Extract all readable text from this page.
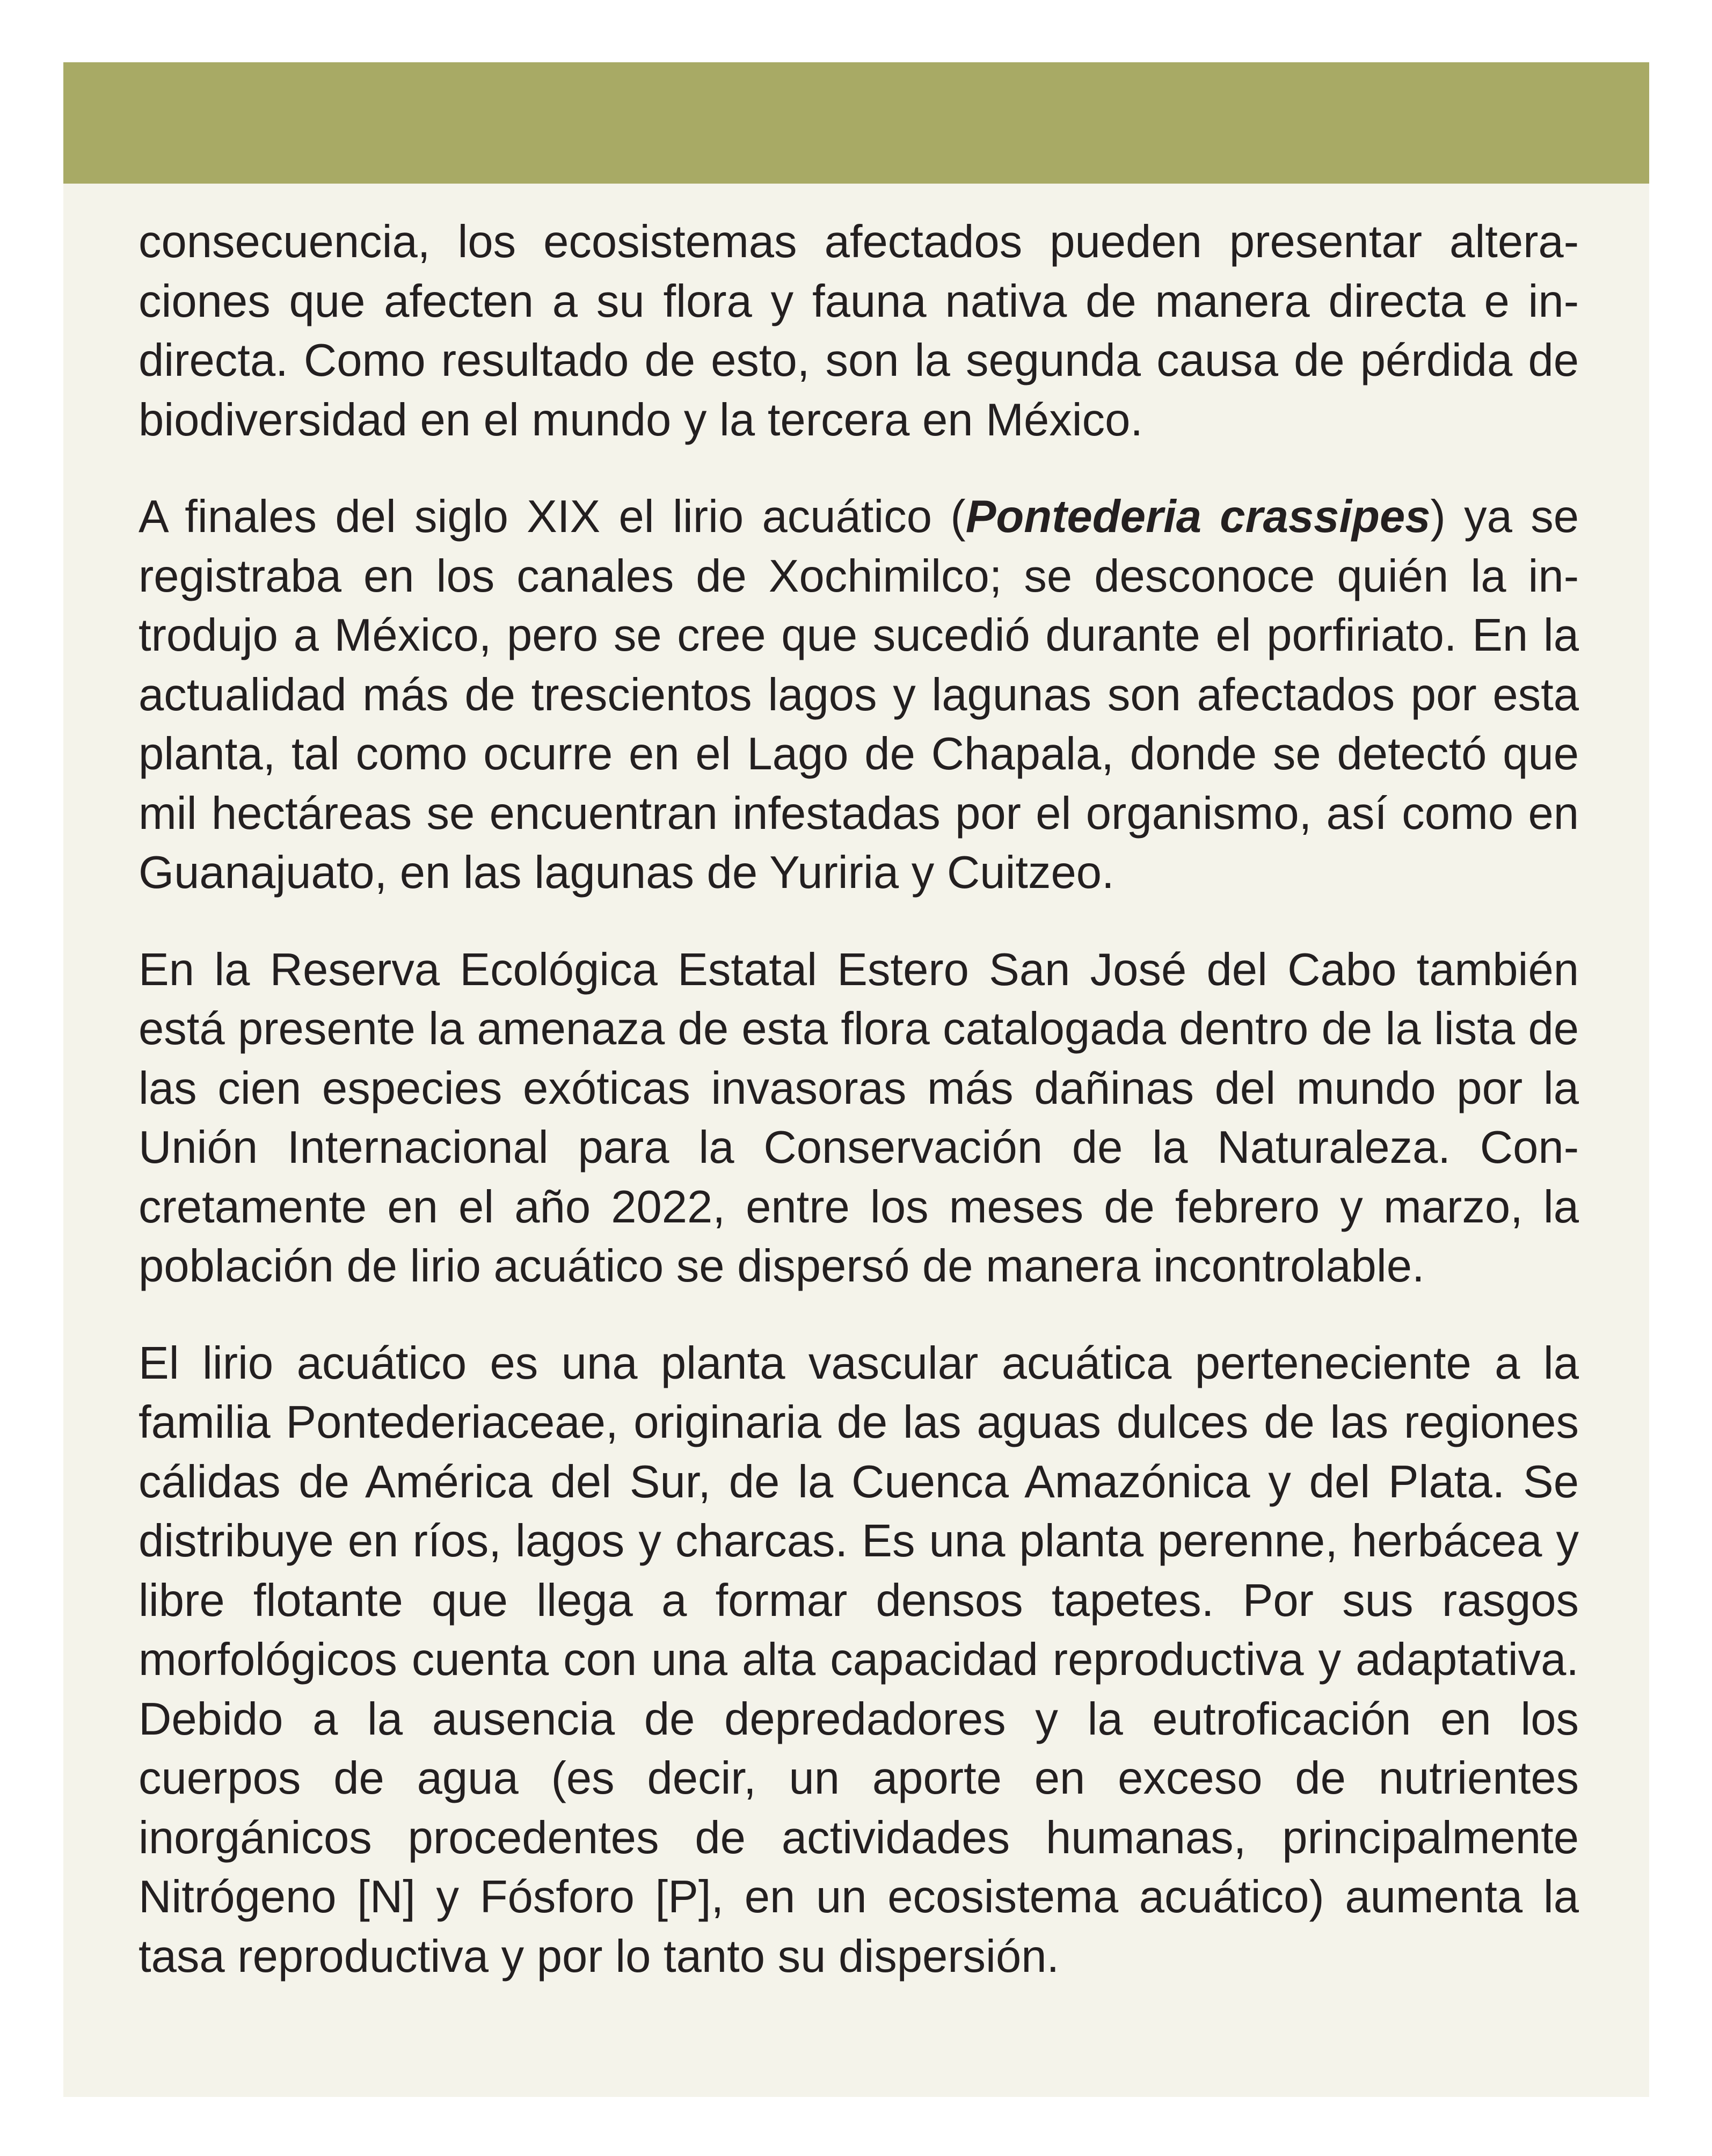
consecuencia, los ecosistemas afectados pueden presentar alteraciones que afecten a su flora y fauna nativa de manera directa e indirecta. Como resultado de esto, son la segunda causa de pérdida de biodiversidad en el mundo y la tercera en México.

A finales del siglo XIX el lirio acuático (Pontederia crassipes) ya se registraba en los canales de Xochimilco; se desconoce quién la introdujo a México, pero se cree que sucedió durante el porfiriato. En la actualidad más de trescientos lagos y lagunas son afectados por esta planta, tal como ocurre en el Lago de Chapala, donde se detectó que mil hectáreas se encuentran infestadas por el organismo, así como en Guanajuato, en las lagunas de Yuriria y Cuitzeo.

En la Reserva Ecológica Estatal Estero San José del Cabo también está presente la amenaza de esta flora catalogada dentro de la lista de las cien especies exóticas invasoras más dañinas del mundo por la Unión Internacional para la Conservación de la Naturaleza. Concretamente en el año 2022, entre los meses de febrero y marzo, la población de lirio acuático se dispersó de manera incontrolable.

El lirio acuático es una planta vascular acuática perteneciente a la familia Pontederiaceae, originaria de las aguas dulces de las regiones cálidas de América del Sur, de la Cuenca Amazónica y del Plata. Se distribuye en ríos, lagos y charcas. Es una planta perenne, herbácea y libre flotante que llega a formar densos tapetes. Por sus rasgos morfológicos cuenta con una alta capacidad reproductiva y adaptativa. Debido a la ausencia de depredadores y la eutroficación en los cuerpos de agua (es decir, un aporte en exceso de nutrientes inorgánicos procedentes de actividades humanas, principalmente Nitrógeno [N] y Fósforo [P], en un ecosistema acuático) aumenta la tasa reproductiva y por lo tanto su dispersión.
